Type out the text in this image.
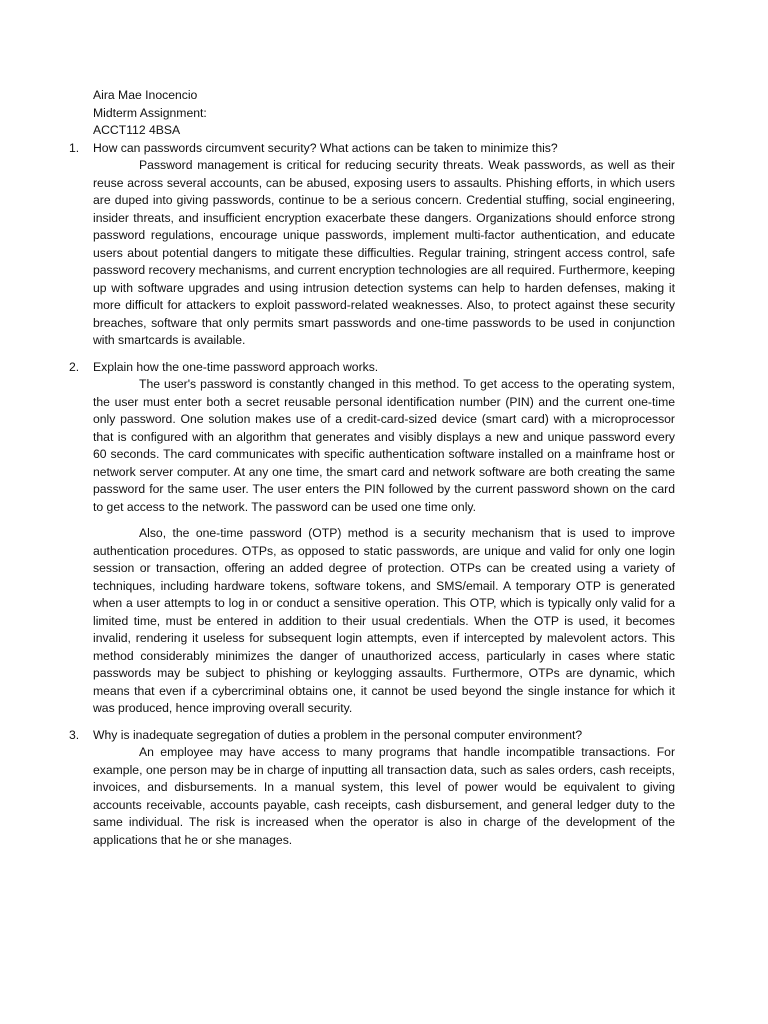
Aira Mae Inocencio
Midterm Assignment:
ACCT112 4BSA
1. How can passwords circumvent security? What actions can be taken to minimize this?

Password management is critical for reducing security threats. Weak passwords, as well as their reuse across several accounts, can be abused, exposing users to assaults. Phishing efforts, in which users are duped into giving passwords, continue to be a serious concern. Credential stuffing, social engineering, insider threats, and insufficient encryption exacerbate these dangers. Organizations should enforce strong password regulations, encourage unique passwords, implement multi-factor authentication, and educate users about potential dangers to mitigate these difficulties. Regular training, stringent access control, safe password recovery mechanisms, and current encryption technologies are all required. Furthermore, keeping up with software upgrades and using intrusion detection systems can help to harden defenses, making it more difficult for attackers to exploit password-related weaknesses. Also, to protect against these security breaches, software that only permits smart passwords and one-time passwords to be used in conjunction with smartcards is available.

2. Explain how the one-time password approach works.

The user's password is constantly changed in this method. To get access to the operating system, the user must enter both a secret reusable personal identification number (PIN) and the current one-time only password. One solution makes use of a credit-card-sized device (smart card) with a microprocessor that is configured with an algorithm that generates and visibly displays a new and unique password every 60 seconds. The card communicates with specific authentication software installed on a mainframe host or network server computer. At any one time, the smart card and network software are both creating the same password for the same user. The user enters the PIN followed by the current password shown on the card to get access to the network. The password can be used one time only.

Also, the one-time password (OTP) method is a security mechanism that is used to improve authentication procedures. OTPs, as opposed to static passwords, are unique and valid for only one login session or transaction, offering an added degree of protection. OTPs can be created using a variety of techniques, including hardware tokens, software tokens, and SMS/email. A temporary OTP is generated when a user attempts to log in or conduct a sensitive operation. This OTP, which is typically only valid for a limited time, must be entered in addition to their usual credentials. When the OTP is used, it becomes invalid, rendering it useless for subsequent login attempts, even if intercepted by malevolent actors. This method considerably minimizes the danger of unauthorized access, particularly in cases where static passwords may be subject to phishing or keylogging assaults. Furthermore, OTPs are dynamic, which means that even if a cybercriminal obtains one, it cannot be used beyond the single instance for which it was produced, hence improving overall security.

3. Why is inadequate segregation of duties a problem in the personal computer environment?

An employee may have access to many programs that handle incompatible transactions. For example, one person may be in charge of inputting all transaction data, such as sales orders, cash receipts, invoices, and disbursements. In a manual system, this level of power would be equivalent to giving accounts receivable, accounts payable, cash receipts, cash disbursement, and general ledger duty to the same individual. The risk is increased when the operator is also in charge of the development of the applications that he or she manages.
